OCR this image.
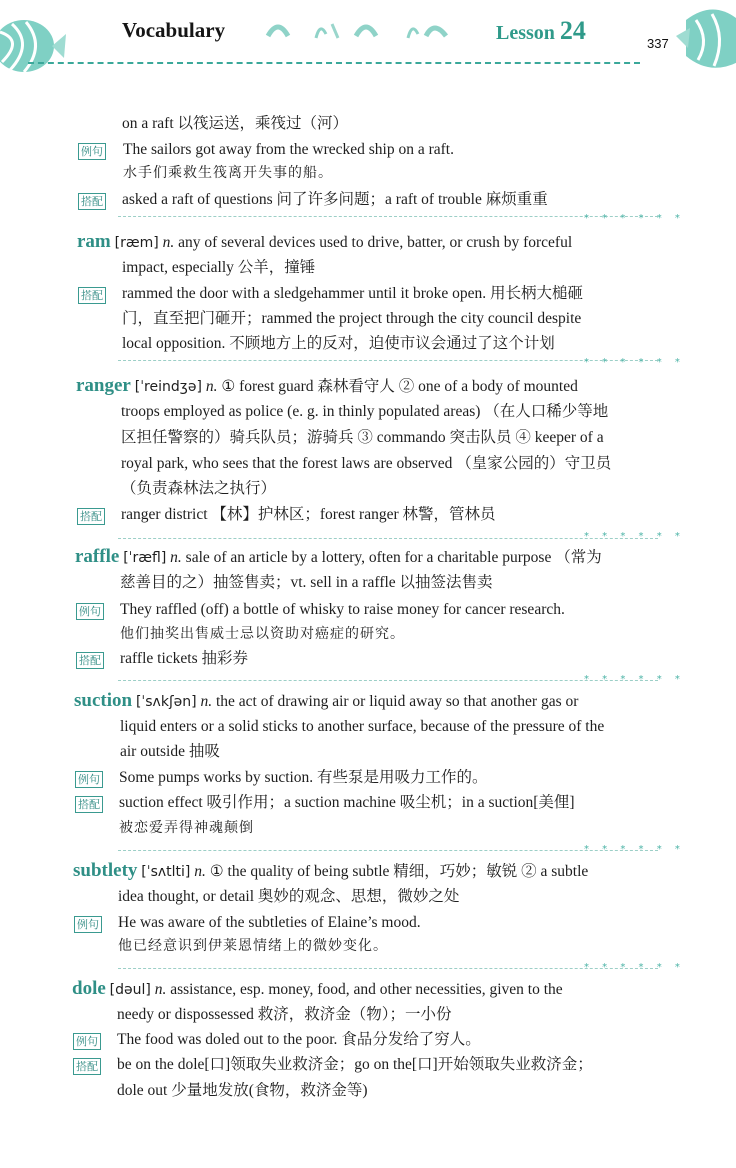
Vocabulary	Lesson 24	337
on a raft 以筏运送，乘筏过（河）
例句 The sailors got away from the wrecked ship on a raft.
水手们乘救生筏离开失事的船。
搭配 asked a raft of questions 问了许多问题；a raft of trouble 麻烦重重
* * * * * *
ram [ræm] n. any of several devices used to drive, batter, or crush by forceful
impact, especially 公羊，撞锤
搭配 rammed the door with a sledgehammer until it broke open. 用长柄大槌砸
门，直至把门砸开；rammed the project through the city council despite
local opposition. 不顾地方上的反对，迫使市议会通过了这个计划
* * * * * *
ranger [ˈreindʒə] n. ① forest guard 森林看守人 ② one of a body of mounted
troops employed as police (e. g. in thinly populated areas) （在人口稀少等地
区担任警察的）骑兵队员；游骑兵 ③ commando 突击队员 ④ keeper of a
royal park, who sees that the forest laws are observed （皇家公园的）守卫员
（负责森林法之执行）
搭配 ranger district 【林】护林区；forest ranger 林警，管林员
* * * * * *
raffle [ˈræfl] n. sale of an article by a lottery, often for a charitable purpose （常为
慈善目的之）抽签售卖；vt. sell in a raffle 以抽签法售卖
例句 They raffled (off) a bottle of whisky to raise money for cancer research.
他们抽奖出售威士忌以资助对癌症的研究。
搭配 raffle tickets 抽彩券
* * * * * *
suction [ˈsʌkʃən] n. the act of drawing air or liquid away so that another gas or
liquid enters or a solid sticks to another surface, because of the pressure of the
air outside 抽吸
例句 Some pumps works by suction. 有些泵是用吸力工作的。
搭配 suction effect 吸引作用；a suction machine 吸尘机；in a suction[美俚]
被恋爱弄得神魂颠倒
* * * * * *
subtlety [ˈsʌtlti] n. ① the quality of being subtle 精细，巧妙；敏锐 ② a subtle
idea thought, or detail 奥妙的观念、思想，微妙之处
例句 He was aware of the subtleties of Elaine’s mood.
他已经意识到伊莱恩情绪上的微妙变化。
* * * * * *
dole [dəul] n. assistance, esp. money, food, and other necessities, given to the
needy or dispossessed 救济，救济金（物）；一小份
例句 The food was doled out to the poor. 食品分发给了穷人。
搭配 be on the dole[口]领取失业救济金；go on the[口]开始领取失业救济金；
dole out 少量地发放(食物，救济金等)
